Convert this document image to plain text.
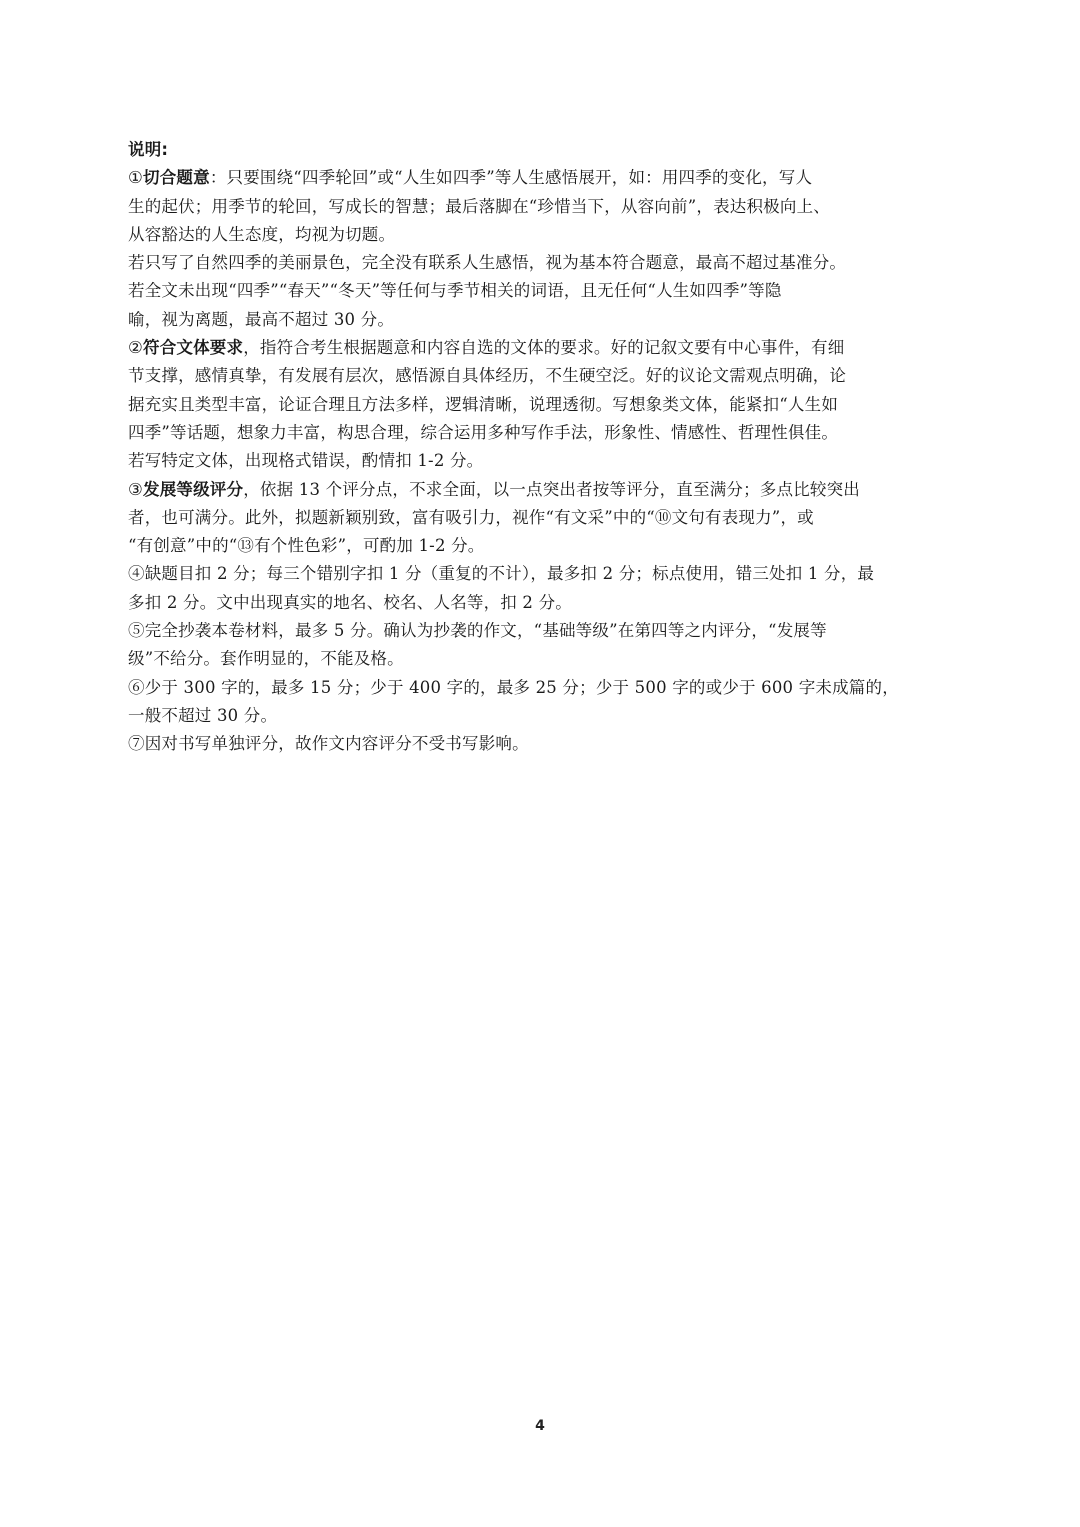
说明:
①切合题意：只要围绕“四季轮回”或“人生如四季”等人生感悟展开，如：用四季的变化，写人
生的起伏；用季节的轮回，写成长的智慧；最后落脚在“珍惜当下，从容向前”，表达积极向上、
从容豁达的人生态度，均视为切题。
若只写了自然四季的美丽景色，完全没有联系人生感悟，视为基本符合题意，最高不超过基准分。
若全文未出现“四季”“春天”“冬天”等任何与季节相关的词语，且无任何“人生如四季”等隐
喻，视为离题，最高不超过 30 分。
②符合文体要求，指符合考生根据题意和内容自选的文体的要求。好的记叙文要有中心事件，有细
节支撑，感情真挚，有发展有层次，感悟源自具体经历，不生硬空泛。好的议论文需观点明确，论
据充实且类型丰富，论证合理且方法多样，逻辑清晰，说理透彻。写想象类文体，能紧扣“人生如
四季”等话题，想象力丰富，构思合理，综合运用多种写作手法，形象性、情感性、哲理性俱佳。
若写特定文体，出现格式错误，酌情扣 1-2 分。
③发展等级评分，依据 13 个评分点，不求全面，以一点突出者按等评分，直至满分；多点比较突出
者，也可满分。此外，拟题新颖别致，富有吸引力，视作“有文采”中的“⑩文句有表现力”，或
“有创意”中的“⑬有个性色彩”，可酌加 1-2 分。
④缺题目扣 2 分；每三个错别字扣 1 分（重复的不计），最多扣 2 分；标点使用，错三处扣 1 分，最
多扣 2 分。文中出现真实的地名、校名、人名等，扣 2 分。
⑤完全抄袭本卷材料，最多 5 分。确认为抄袭的作文，“基础等级”在第四等之内评分，“发展等
级”不给分。套作明显的，不能及格。
⑥少于 300 字的，最多 15 分；少于 400 字的，最多 25 分；少于 500 字的或少于 600 字未成篇的，
一般不超过 30 分。
⑦因对书写单独评分，故作文内容评分不受书写影响。
4
